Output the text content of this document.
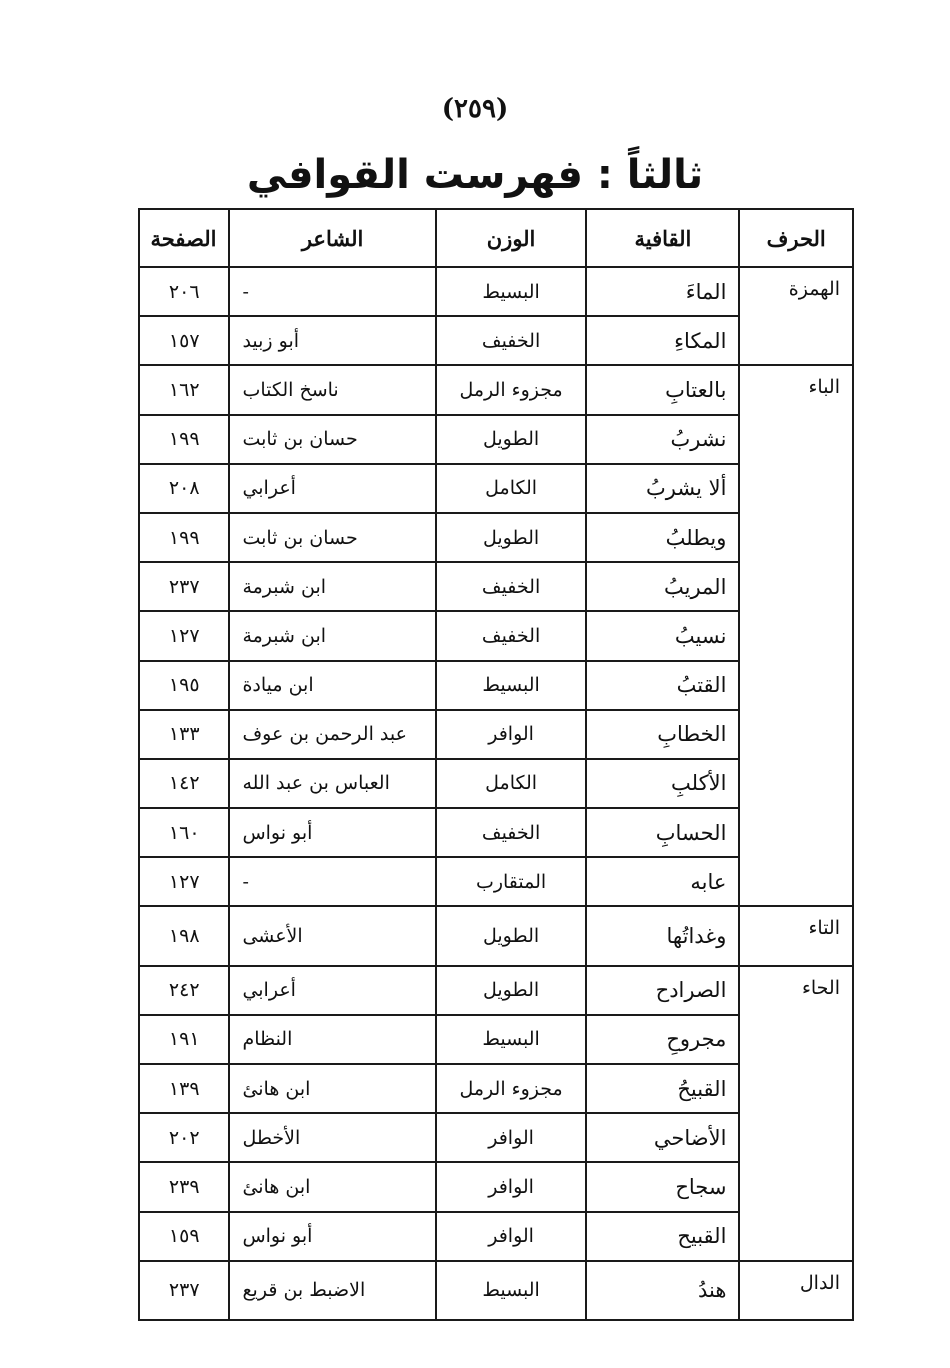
(٢٥٩)
ثالثاً : فهرست القوافي
الحرف	القافية	الوزن	الشاعر	الصفحة
الهمزة	الماءَ	البسيط	-	٢٠٦
	المكاءِ	الخفيف	أبو زبيد	١٥٧
الباء	بالعتابِ	مجزوء الرمل	ناسخ الكتاب	١٦٢
	نشربُ	الطويل	حسان بن ثابت	١٩٩
	ألا يشربُ	الكامل	أعرابي	٢٠٨
	ويطلبُ	الطويل	حسان بن ثابت	١٩٩
	المريبُ	الخفيف	ابن شبرمة	٢٣٧
	نسيبُ	الخفيف	ابن شبرمة	١٢٧
	القتبُ	البسيط	ابن ميادة	١٩٥
	الخطابِ	الوافر	عبد الرحمن بن عوف	١٣٣
	الأكلبِ	الكامل	العباس بن عبد الله	١٤٢
	الحسابِ	الخفيف	أبو نواس	١٦٠
	عابه	المتقارب	-	١٢٧
التاء	وغداتُها	الطويل	الأعشى	١٩٨
الحاء	الصرادح	الطويل	أعرابي	٢٤٢
	مجروحِ	البسيط	النظام	١٩١
	القبيحُ	مجزوء الرمل	ابن هانئ	١٣٩
	الأضاحي	الوافر	الأخطل	٢٠٢
	سجاح	الوافر	ابن هانئ	٢٣٩
	القبيح	الوافر	أبو نواس	١٥٩
الدال	هندُ	البسيط	الاضبط بن قريع	٢٣٧
